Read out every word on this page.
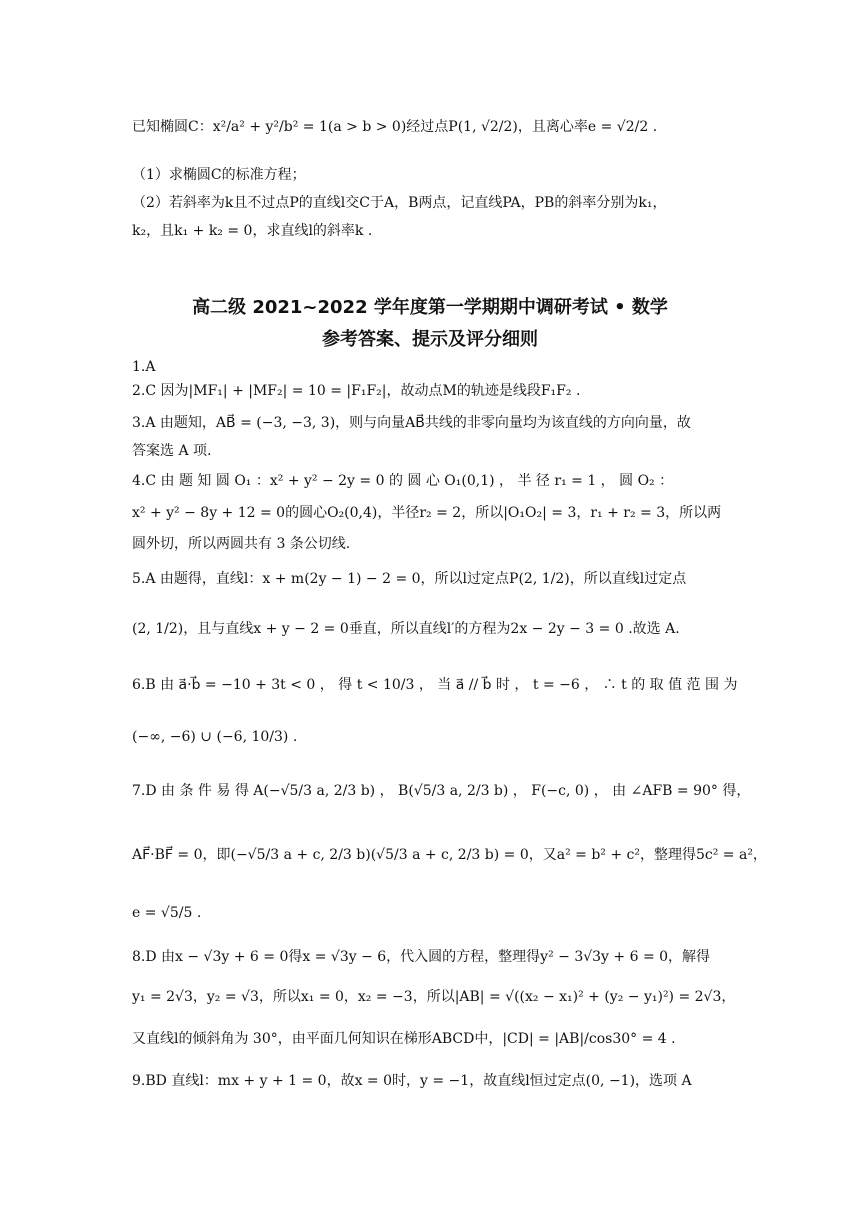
已知椭圆C：x²/a² + y²/b² = 1(a > b > 0)经过点P(1, √2/2)，且离心率e = √2/2 .
（1）求椭圆C的标准方程；
（2）若斜率为k且不过点P的直线l交C于A，B两点，记直线PA，PB的斜率分别为k₁，
k₂，且k₁ + k₂ = 0，求直线l的斜率k .
高二级 2021~2022 学年度第一学期期中调研考试 • 数学
参考答案、提示及评分细则
1.A
2.C 因为|MF₁| + |MF₂| = 10 = |F₁F₂|，故动点M的轨迹是线段F₁F₂ .
3.A 由题知，AB⃗ = (−3, −3, 3)，则与向量AB⃗共线的非零向量均为该直线的方向向量，故
答案选 A 项.
4.C 由 题 知 圆 O₁ ：x² + y² − 2y = 0 的 圆 心 O₁(0,1) ， 半 径 r₁ = 1 ， 圆 O₂ ：
x² + y² − 8y + 12 = 0的圆心O₂(0,4)，半径r₂ = 2，所以|O₁O₂| = 3，r₁ + r₂ = 3，所以两
圆外切，所以两圆共有 3 条公切线.
5.A 由题得，直线l：x + m(2y − 1) − 2 = 0，所以l过定点P(2, 1/2)，所以直线l过定点
(2, 1/2)，且与直线x + y − 2 = 0垂直，所以直线l′的方程为2x − 2y − 3 = 0 .故选 A.
6.B 由 a⃗·b⃗ = −10 + 3t < 0 ， 得 t < 10/3 ， 当 a⃗ // b⃗ 时 ， t = −6 ， ∴ t 的 取 值 范 围 为
(−∞, −6) ∪ (−6, 10/3) .
7.D 由 条 件 易 得 A(−√5/3 a, 2/3 b) ， B(√5/3 a, 2/3 b) ， F(−c, 0) ， 由 ∠AFB = 90° 得，
AF⃗·BF⃗ = 0，即(−√5/3 a + c, 2/3 b)(√5/3 a + c, 2/3 b) = 0，又a² = b² + c²，整理得5c² = a²，
e = √5/5 .
8.D 由x − √3y + 6 = 0得x = √3y − 6，代入圆的方程，整理得y² − 3√3y + 6 = 0，解得
y₁ = 2√3，y₂ = √3，所以x₁ = 0，x₂ = −3，所以|AB| = √((x₂ − x₁)² + (y₂ − y₁)²) = 2√3，
又直线l的倾斜角为 30°，由平面几何知识在梯形ABCD中，|CD| = |AB|/cos30° = 4 .
9.BD 直线l：mx + y + 1 = 0，故x = 0时，y = −1，故直线l恒过定点(0, −1)，选项 A
